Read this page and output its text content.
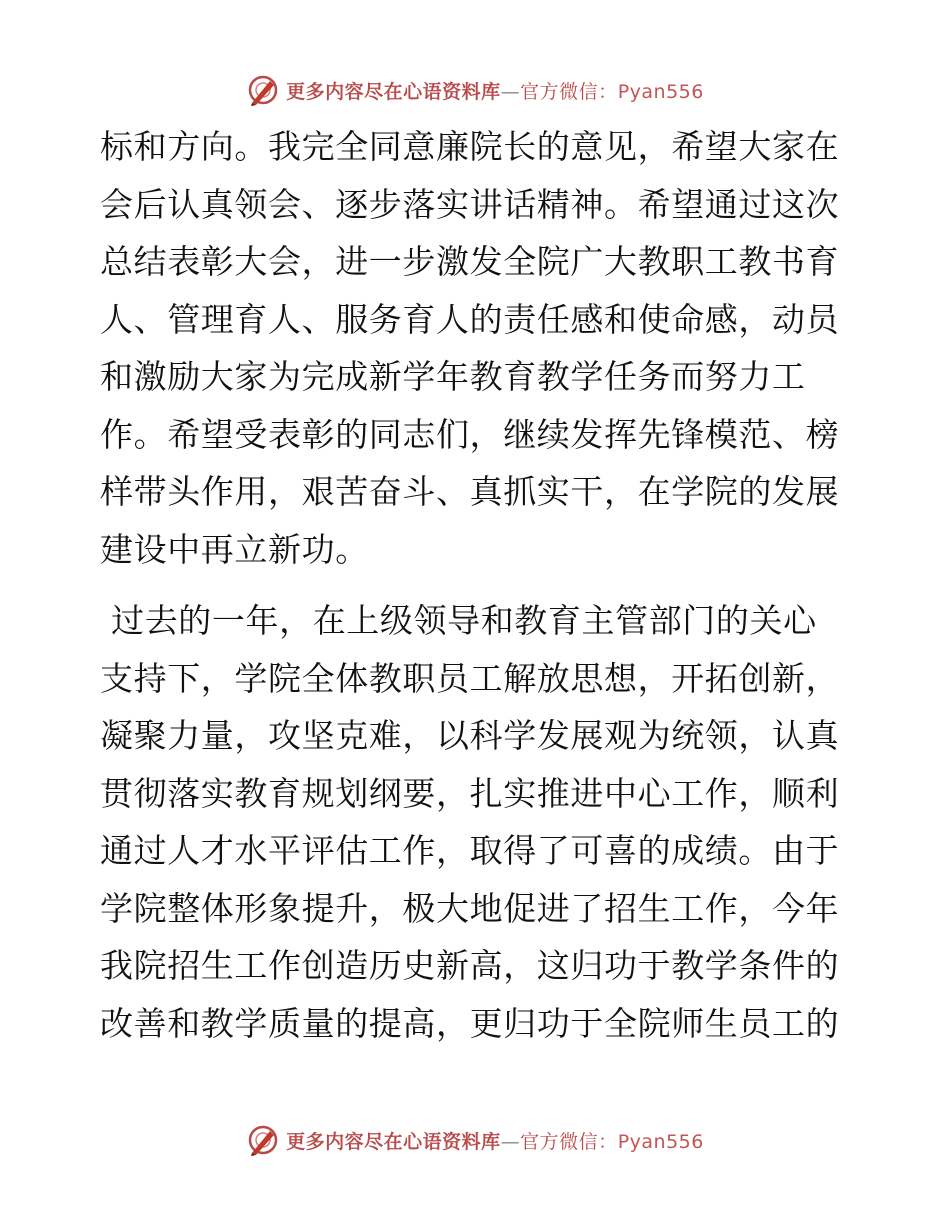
更多内容尽在心语资料库—官方微信：Pyan556
标和方向。我完全同意廉院长的意见，希望大家在
会后认真领会、逐步落实讲话精神。希望通过这次
总结表彰大会，进一步激发全院广大教职工教书育
人、管理育人、服务育人的责任感和使命感，动员
和激励大家为完成新学年教育教学任务而努力工
作。希望受表彰的同志们，继续发挥先锋模范、榜
样带头作用，艰苦奋斗、真抓实干，在学院的发展
建设中再立新功。
过去的一年，在上级领导和教育主管部门的关心
支持下，学院全体教职员工解放思想，开拓创新，
凝聚力量，攻坚克难，以科学发展观为统领，认真
贯彻落实教育规划纲要，扎实推进中心工作，顺利
通过人才水平评估工作，取得了可喜的成绩。由于
学院整体形象提升，极大地促进了招生工作，今年
我院招生工作创造历史新高，这归功于教学条件的
改善和教学质量的提高，更归功于全院师生员工的
更多内容尽在心语资料库—官方微信：Pyan556
